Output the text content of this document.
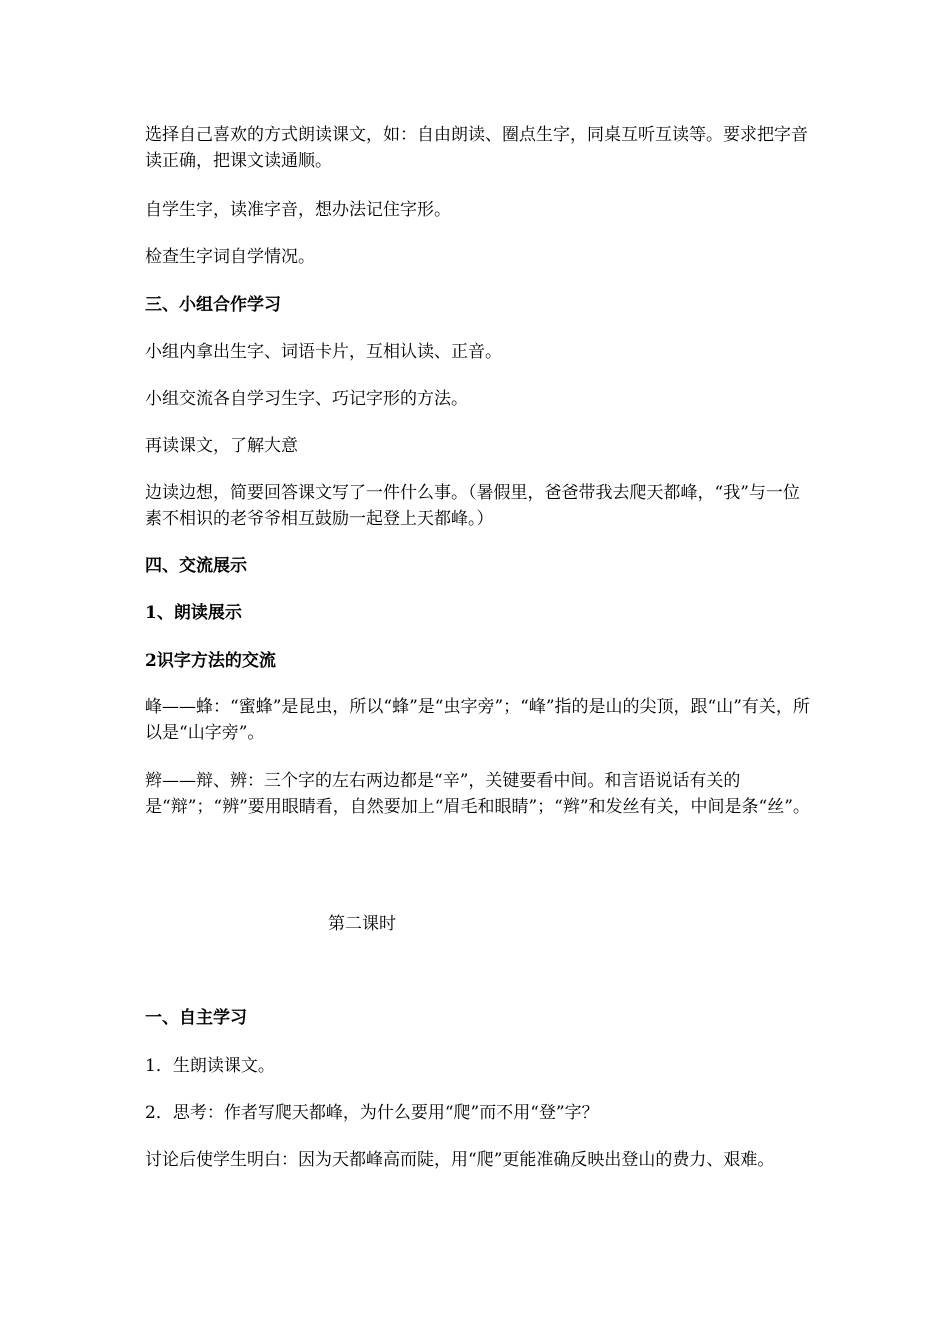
选择自己喜欢的方式朗读课文，如：自由朗读、圈点生字，同桌互听互读等。要求把字音读正确，把课文读通顺。

自学生字，读准字音，想办法记住字形。

检查生字词自学情况。

三、小组合作学习

小组内拿出生字、词语卡片，互相认读、正音。

小组交流各自学习生字、巧记字形的方法。

再读课文，了解大意

边读边想，简要回答课文写了一件什么事。（暑假里，爸爸带我去爬天都峰，“我”与一位素不相识的老爷爷相互鼓励一起登上天都峰。）

四、交流展示

1、朗读展示

2识字方法的交流

峰——蜂：“蜜蜂”是昆虫，所以“蜂”是“虫字旁”；“峰”指的是山的尖顶，跟“山”有关，所以是“山字旁”。

辫——辩、辨：三个字的左右两边都是“辛”，关键要看中间。和言语说话有关的是“辩”；“辨”要用眼睛看，自然要加上“眉毛和眼睛”；“辫”和发丝有关，中间是条“丝”。

第二课时

一、自主学习

1．生朗读课文。

2．思考：作者写爬天都峰，为什么要用“爬”而不用“登”字？

讨论后使学生明白：因为天都峰高而陡，用“爬”更能准确反映出登山的费力、艰难。
